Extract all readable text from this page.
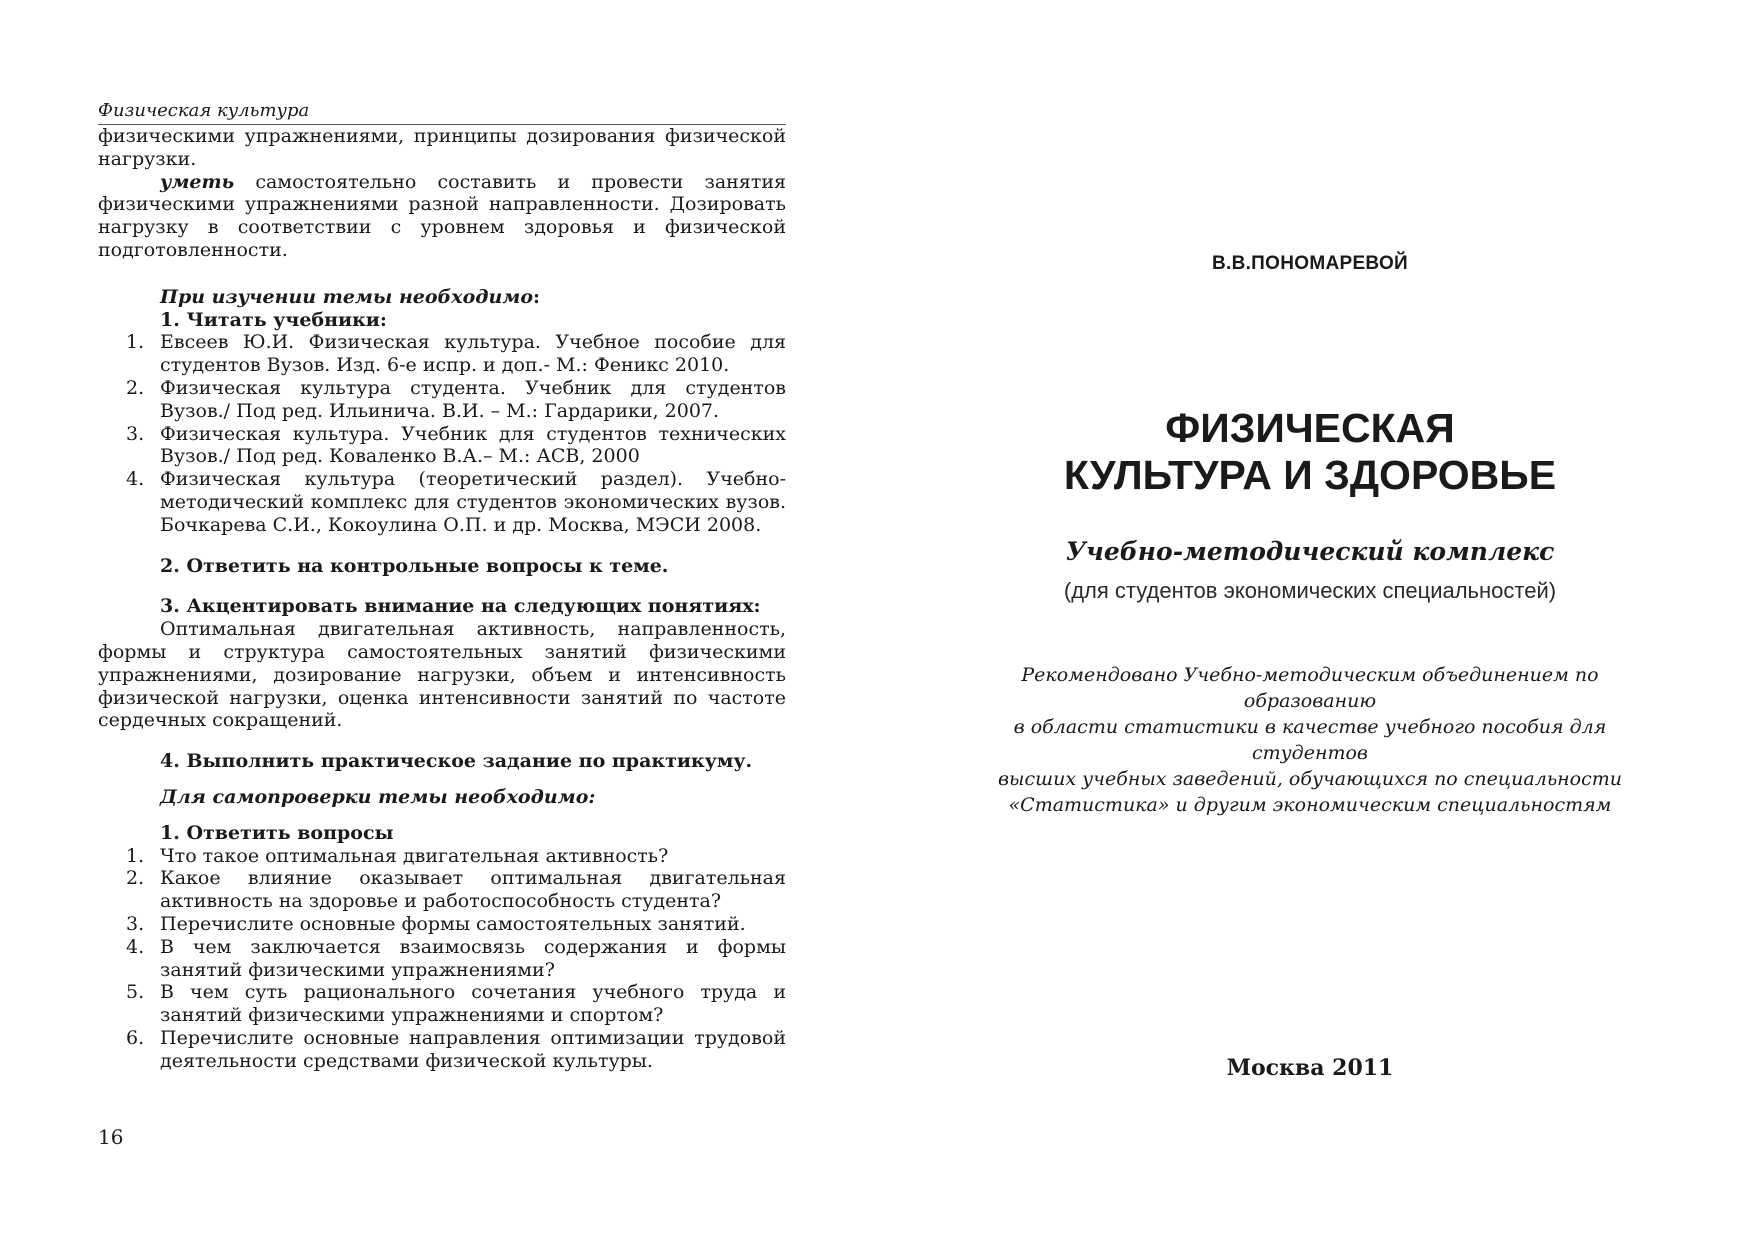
Физическая культура

физическими упражнениями, принципы дозирования физической нагрузки.

уметь самостоятельно составить и провести занятия физическими упражнениями разной направленности. Дозировать нагрузку в соответствии с уровнем здоровья и физической подготовленности.

При изучении темы необходимо:

1. Читать учебники:

1. Евсеев Ю.И. Физическая культура. Учебное пособие для студентов Вузов. Изд. 6-е испр. и доп.- М.: Феникс 2010.
2. Физическая культура студента. Учебник для студентов Вузов./ Под ред. Ильинича. В.И. – М.: Гардарики, 2007.
3. Физическая культура. Учебник для студентов технических Вузов./ Под ред. Коваленко В.А.– М.: АСВ, 2000
4. Физическая культура (теоретический раздел). Учебно-методический комплекс для студентов экономических вузов. Бочкарева С.И., Кокоулина О.П. и др. Москва, МЭСИ 2008.

2. Ответить на контрольные вопросы к теме.

3. Акцентировать внимание на следующих понятиях:

Оптимальная двигательная активность, направленность, формы и структура самостоятельных занятий физическими упражнениями, дозирование нагрузки, объем и интенсивность физической нагрузки, оценка интенсивности занятий по частоте сердечных сокращений.

4. Выполнить практическое задание по практикуму.

Для самопроверки темы необходимо:

1. Ответить вопросы

1. Что такое оптимальная двигательная активность?
2. Какое влияние оказывает оптимальная двигательная активность на здоровье и работоспособность студента?
3. Перечислите основные формы самостоятельных занятий.
4. В чем заключается взаимосвязь содержания и формы занятий физическими упражнениями?
5. В чем суть рационального сочетания учебного труда и занятий физическими упражнениями и спортом?
6. Перечислите основные направления оптимизации трудовой деятельности средствами физической культуры.
16
В.В.ПОНОМАРЕВОЙ
ФИЗИЧЕСКАЯ
КУЛЬТУРА И ЗДОРОВЬЕ
Учебно-методический комплекс
(для студентов экономических специальностей)
Рекомендовано Учебно-методическим объединением по образованию
в области статистики в качестве учебного пособия для студентов
высших учебных заведений, обучающихся по специальности
«Статистика» и другим экономическим специальностям
Москва 2011
